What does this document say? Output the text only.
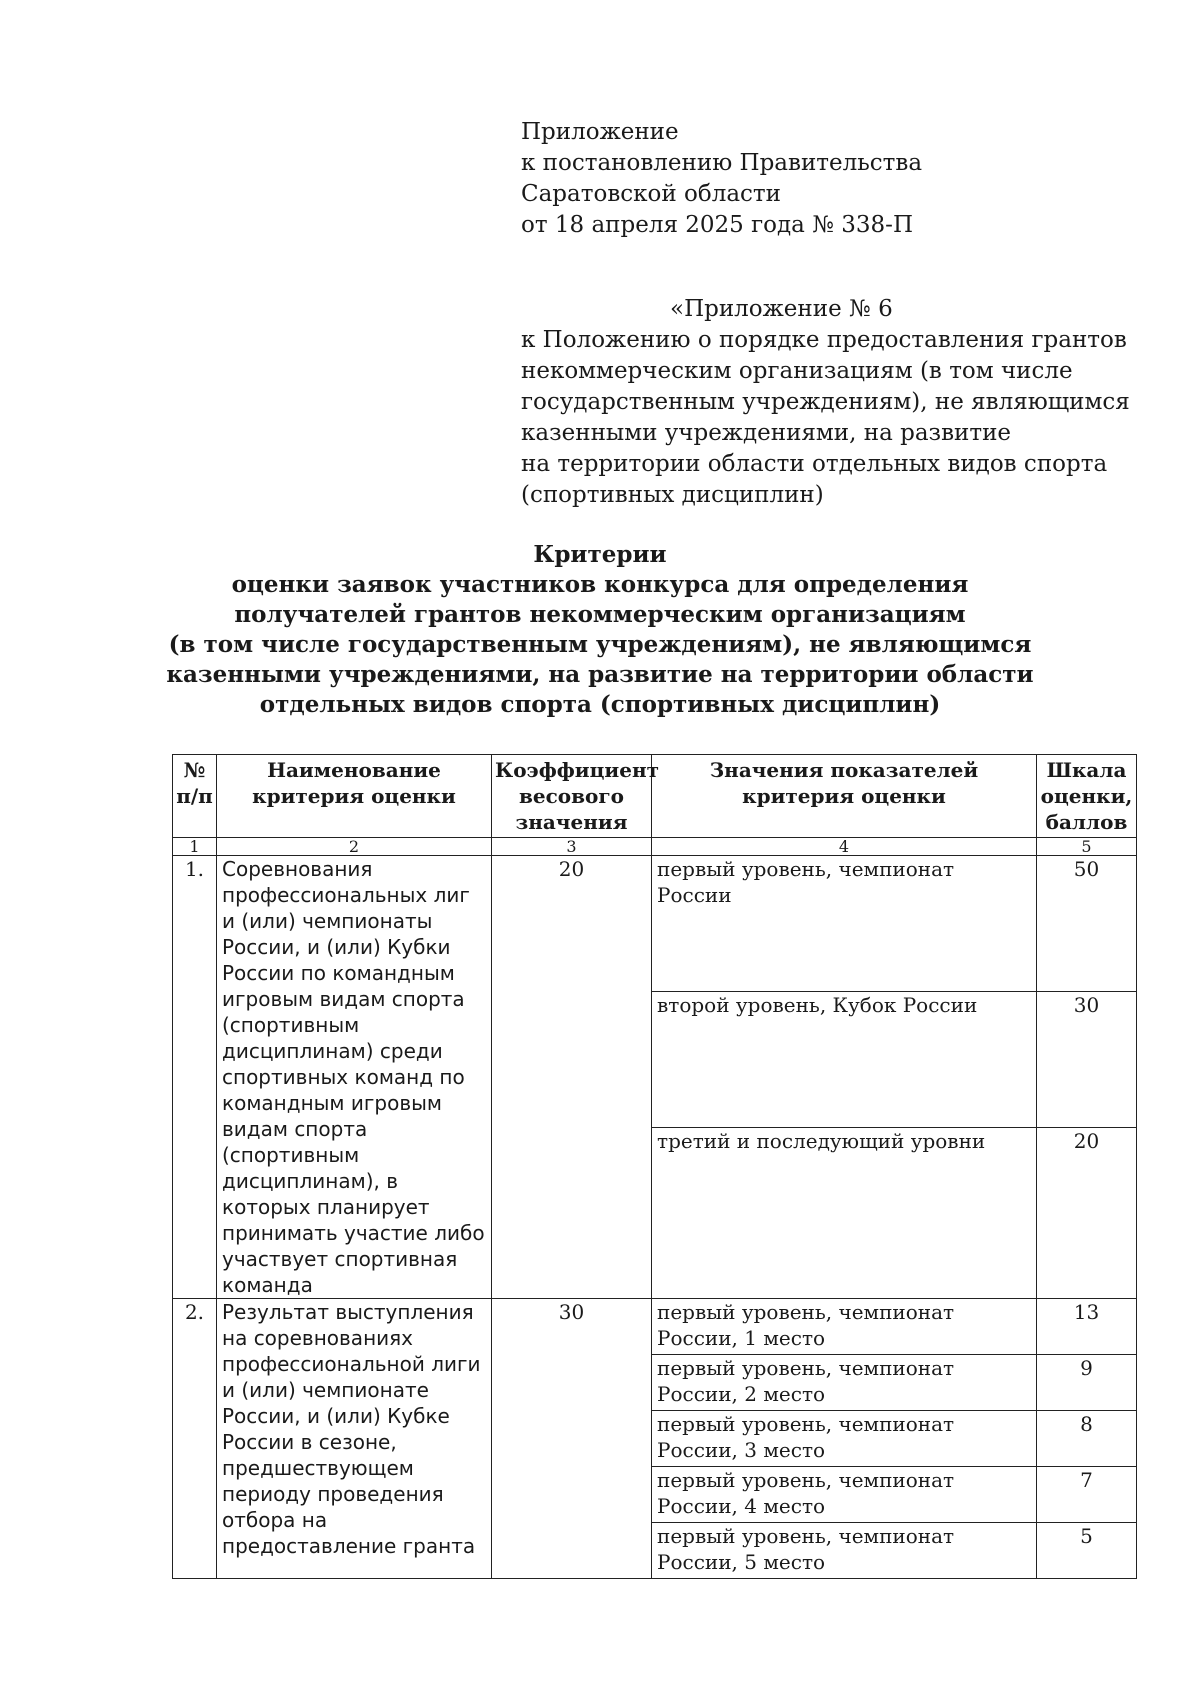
Приложение
к постановлению Правительства
Саратовской области
от 18 апреля 2025 года № 338-П
«Приложение № 6
к Положению о порядке предоставления грантов
некоммерческим организациям (в том числе
государственным учреждениям), не являющимся
казенными учреждениями, на развитие
на территории области отдельных видов спорта
(спортивных дисциплин)
Критерии
оценки заявок участников конкурса для определения
получателей грантов некоммерческим организациям
(в том числе государственным учреждениям), не являющимся
казенными учреждениями, на развитие на территории области
отдельных видов спорта (спортивных дисциплин)
№ п/п	Наименование критерия оценки	Коэффициент весового значения	Значения показателей критерия оценки	Шкала оценки, баллов
1	2	3	4	5
1.	Соревнования профессиональных лиг и (или) чемпионаты России, и (или) Кубки России по командным игровым видам спорта (спортивным дисциплинам) среди спортивных команд по командным игровым видам спорта (спортивным дисциплинам), в которых планирует принимать участие либо участвует спортивная команда	20	первый уровень, чемпионат России	50
			второй уровень, Кубок России	30
			третий и последующий уровни	20
2.	Результат выступления на соревнованиях профессиональной лиги и (или) чемпионате России, и (или) Кубке России в сезоне, предшествующем периоду проведения отбора на предоставление гранта	30	первый уровень, чемпионат России, 1 место	13
			первый уровень, чемпионат России, 2 место	9
			первый уровень, чемпионат России, 3 место	8
			первый уровень, чемпионат России, 4 место	7
			первый уровень, чемпионат России, 5 место	5
